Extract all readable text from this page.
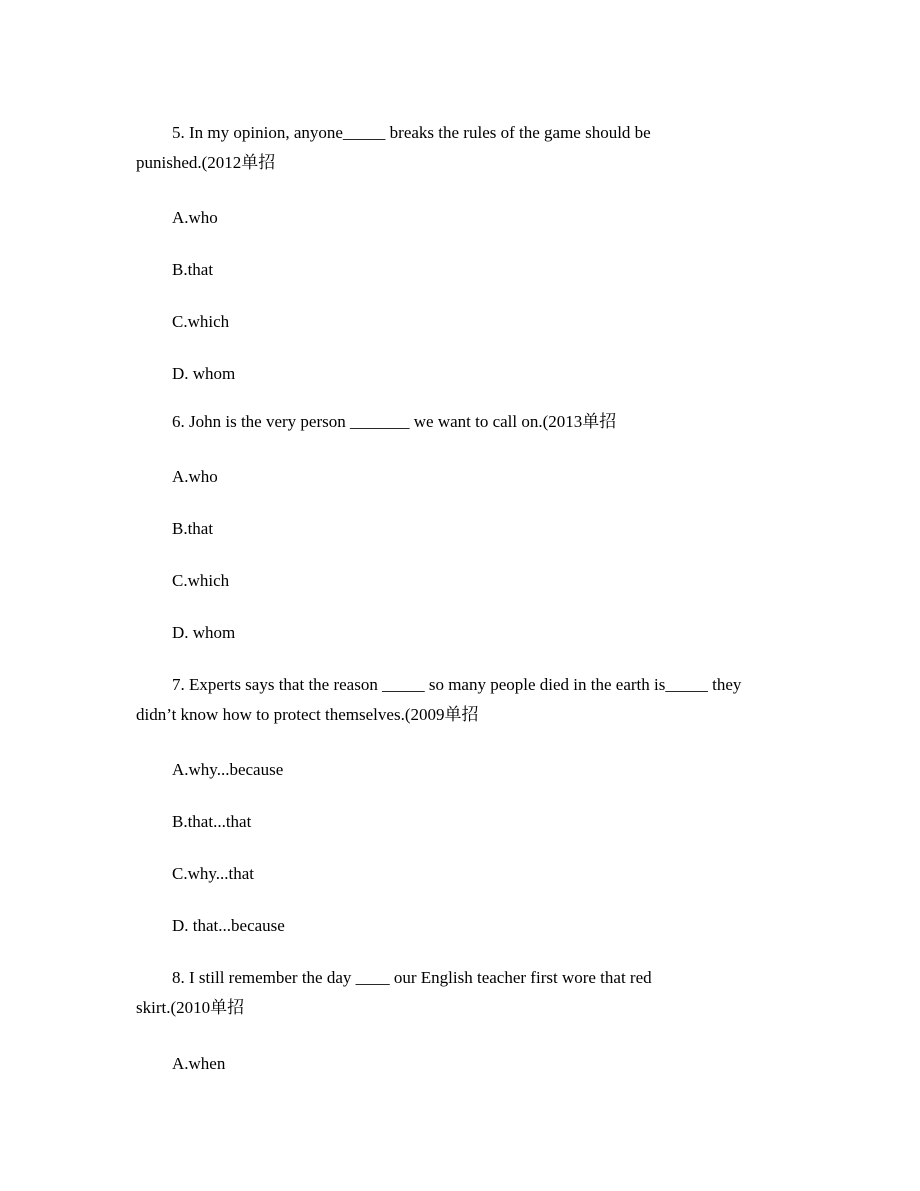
5. In my opinion, anyone_____ breaks the rules of the game should be
punished.(2012单招
A.who
B.that
C.which
D. whom
6. John is the very person _______ we want to call on.(2013单招
A.who
B.that
C.which
D. whom
7. Experts says that the reason _____ so many people died in the earth is_____ they
didn’t know how to protect themselves.(2009单招
A.why...because
B.that...that
C.why...that
D. that...because
8. I still remember the day ____ our English teacher first wore that red
skirt.(2010单招
A.when
